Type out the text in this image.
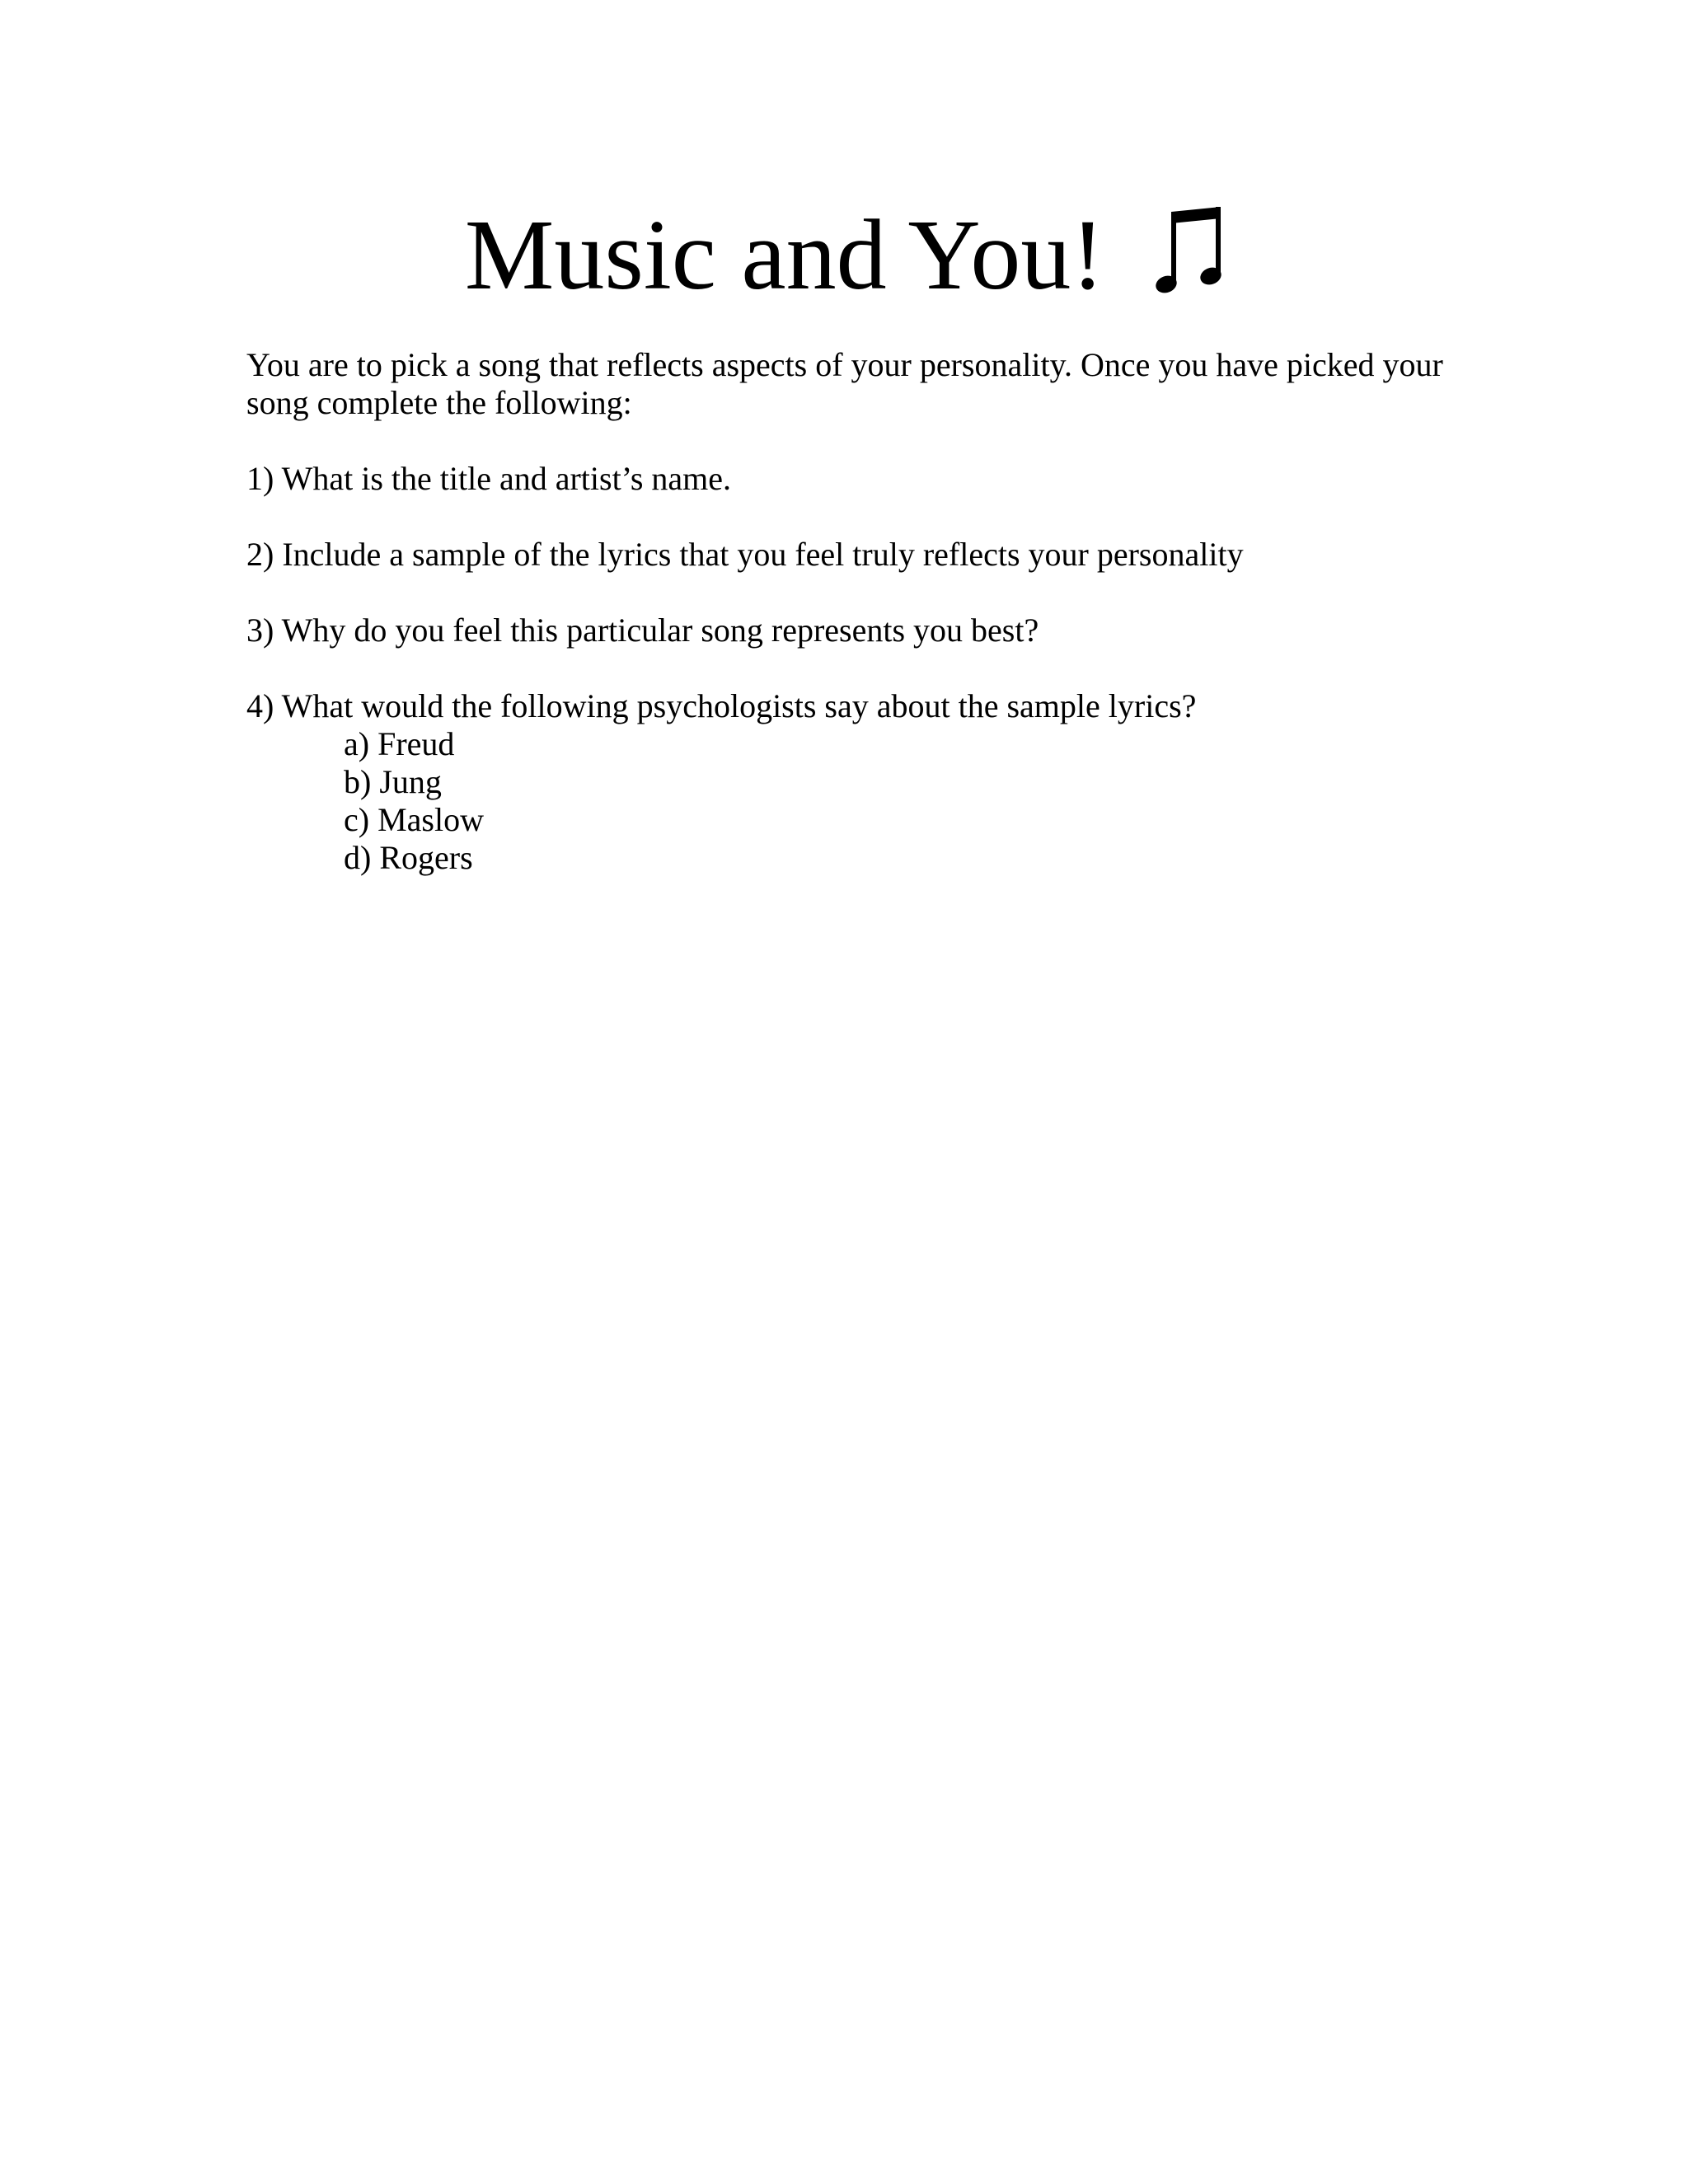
Music and You!

You are to pick a song that reflects aspects of your personality. Once you have picked your song complete the following:

1) What is the title and artist’s name.

2) Include a sample of the lyrics that you feel truly reflects your personality

3) Why do you feel this particular song represents you best?

4) What would the following psychologists say about the sample lyrics?

a) Freud
b) Jung
c) Maslow
d) Rogers
